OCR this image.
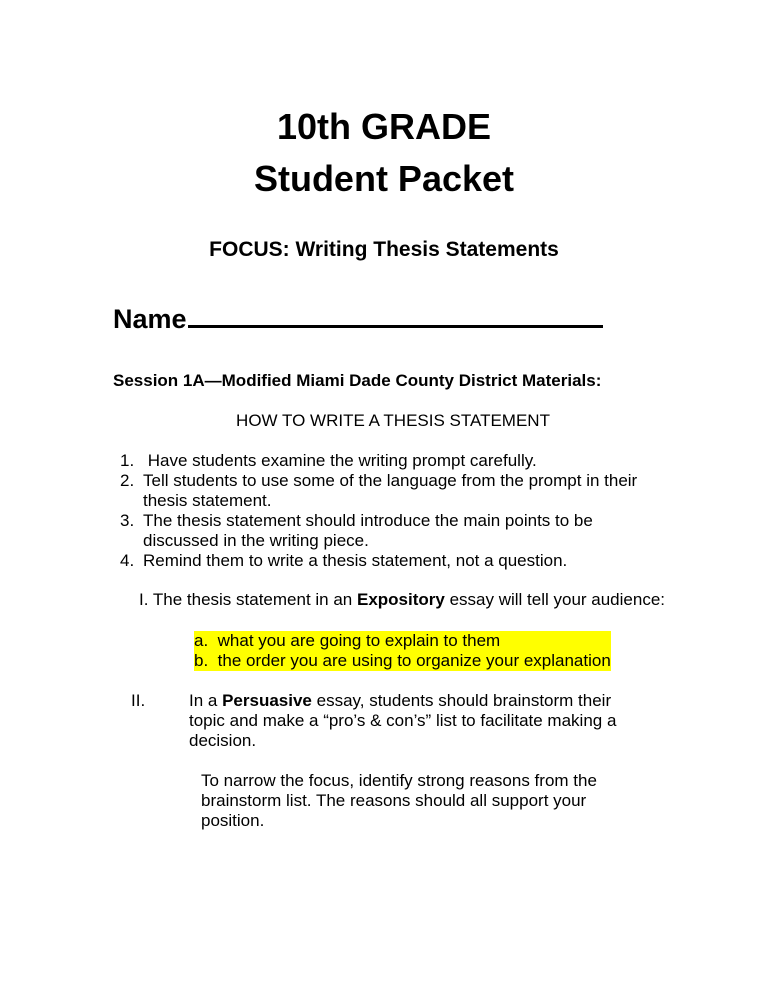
10th GRADE
Student Packet
FOCUS: Writing Thesis Statements
Name
Session 1A—Modified Miami Dade County District Materials:
HOW TO WRITE A THESIS STATEMENT
1. Have students examine the writing prompt carefully.
2. Tell students to use some of the language from the prompt in their thesis statement.
3. The thesis statement should introduce the main points to be discussed in the writing piece.
4. Remind them to write a thesis statement, not a question.
I. The thesis statement in an Expository essay will tell your audience:
a. what you are going to explain to them
b. the order you are using to organize your explanation
II.	In a Persuasive essay, students should brainstorm their topic and make a “pro’s & con’s” list to facilitate making a decision.
To narrow the focus, identify strong reasons from the brainstorm list. The reasons should all support your position.
